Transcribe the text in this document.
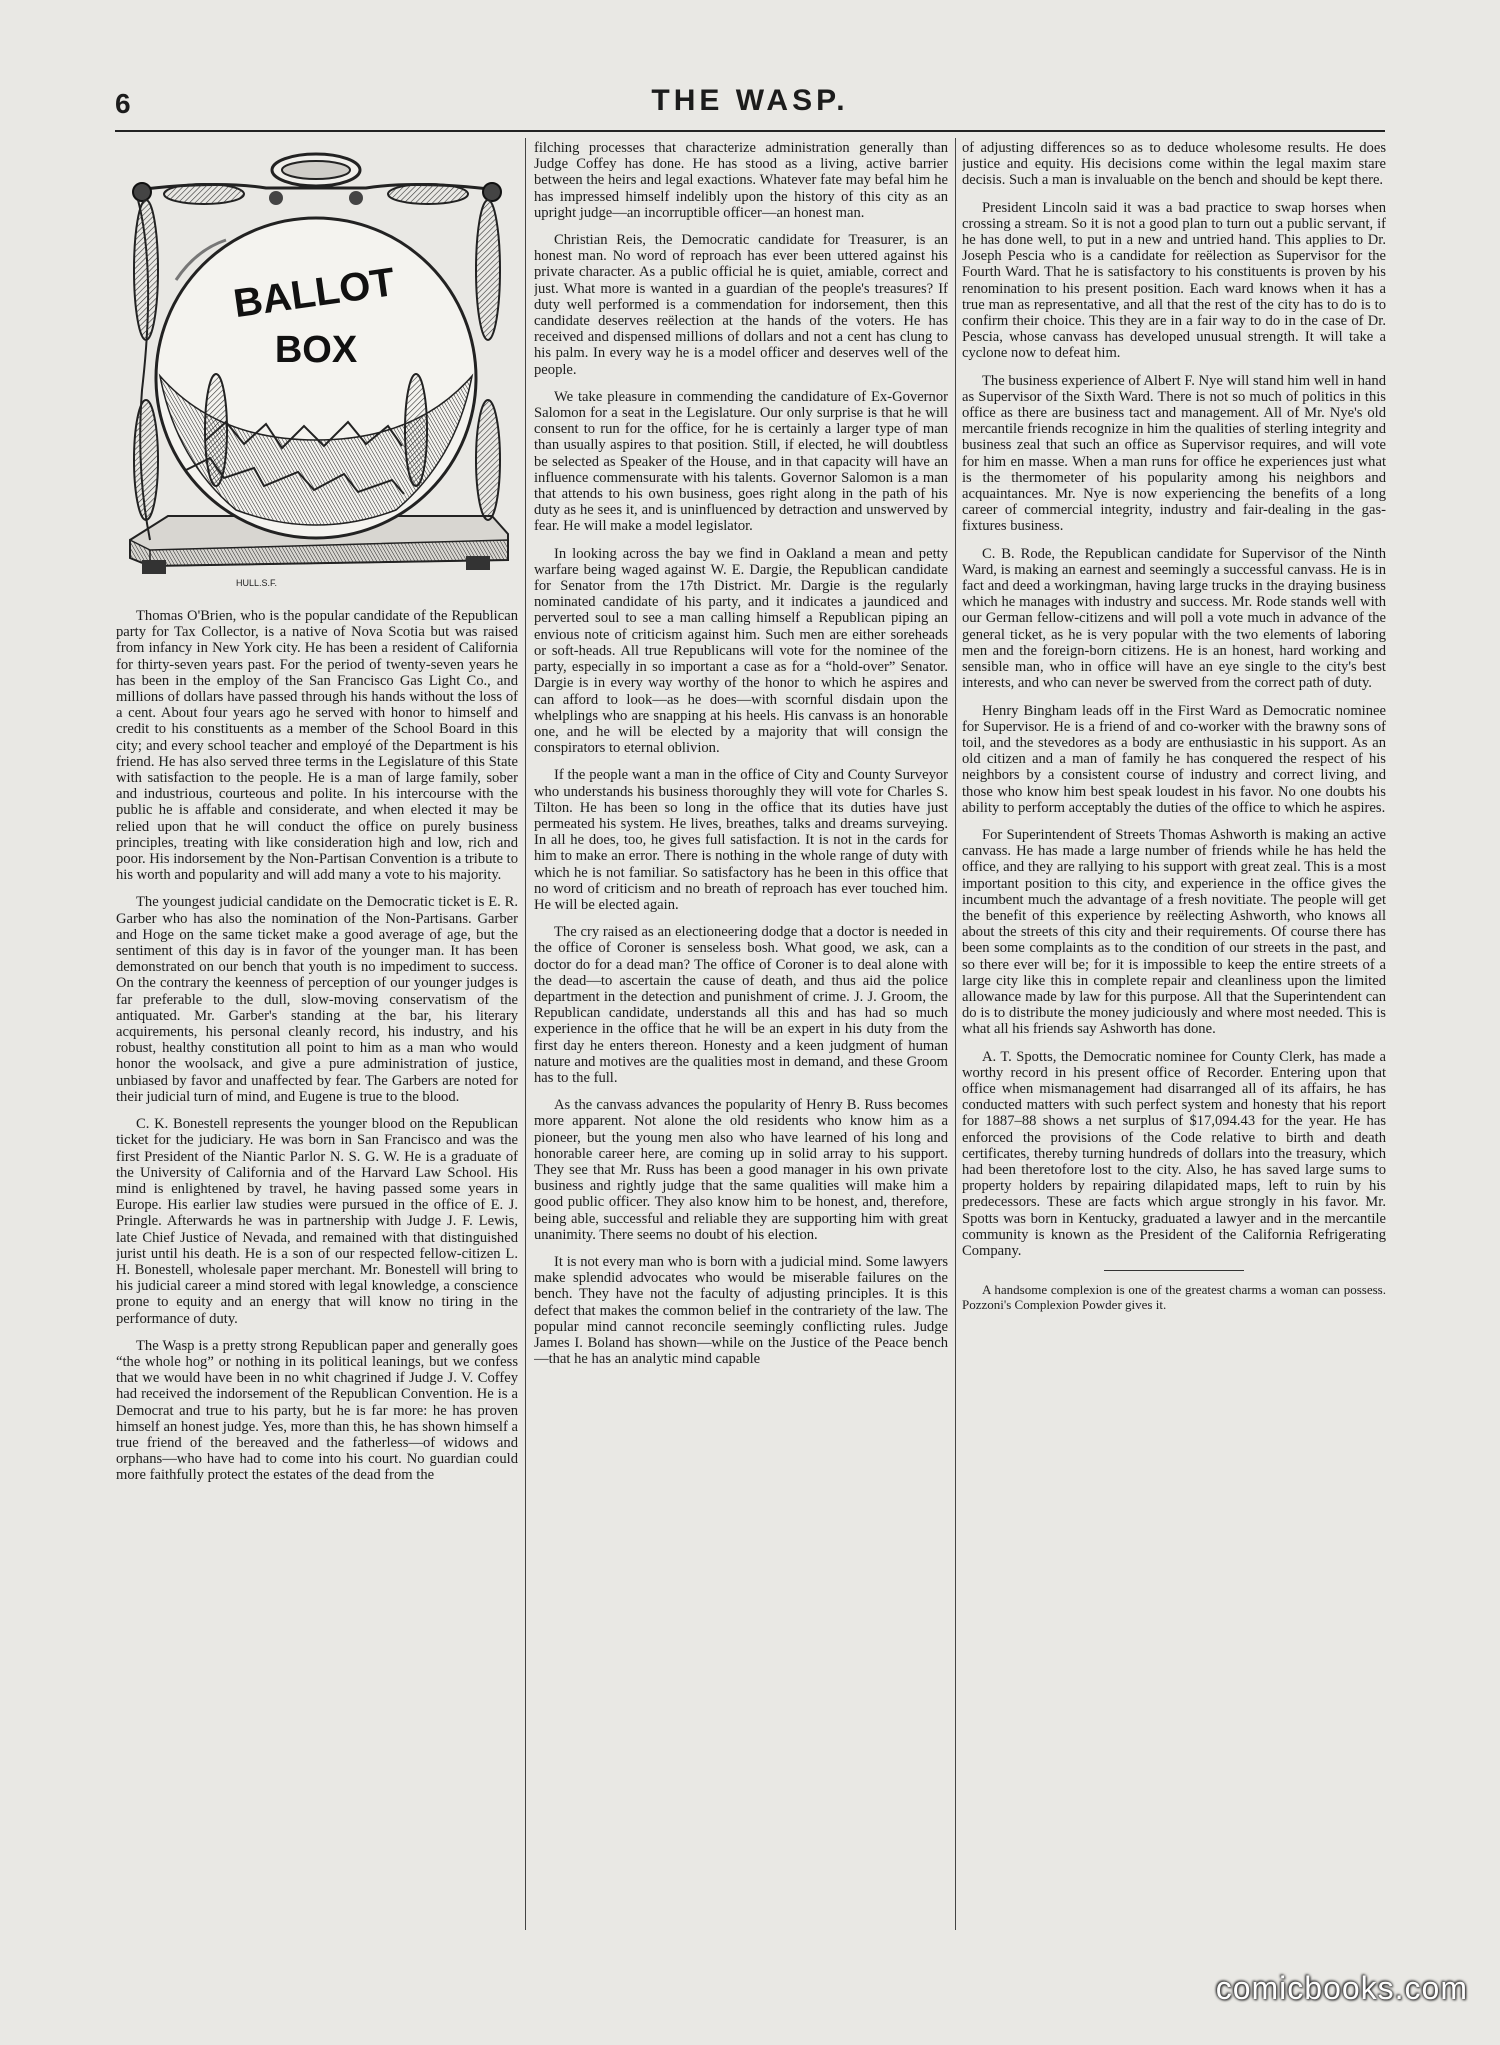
6	THE WASP.
BALLOT
BOX
HULL.S.F.

Thomas O'Brien, who is the popular candidate of the Republican party for Tax Collector, is a native of Nova Scotia but was raised from infancy in New York city. He has been a resident of California for thirty-seven years past. For the period of twenty-seven years he has been in the employ of the San Francisco Gas Light Co., and millions of dollars have passed through his hands without the loss of a cent. About four years ago he served with honor to himself and credit to his constituents as a member of the School Board in this city; and every school teacher and employé of the Department is his friend. He has also served three terms in the Legislature of this State with satisfaction to the people. He is a man of large family, sober and industrious, courteous and polite. In his intercourse with the public he is affable and considerate, and when elected it may be relied upon that he will conduct the office on purely business principles, treating with like consideration high and low, rich and poor. His indorsement by the Non-Partisan Convention is a tribute to his worth and popularity and will add many a vote to his majority.

The youngest judicial candidate on the Democratic ticket is E. R. Garber who has also the nomination of the Non-Partisans. Garber and Hoge on the same ticket make a good average of age, but the sentiment of this day is in favor of the younger man. It has been demonstrated on our bench that youth is no impediment to success. On the contrary the keenness of perception of our younger judges is far preferable to the dull, slow-moving conservatism of the antiquated. Mr. Garber's standing at the bar, his literary acquirements, his personal cleanly record, his industry, and his robust, healthy constitution all point to him as a man who would honor the woolsack, and give a pure administration of justice, unbiased by favor and unaffected by fear. The Garbers are noted for their judicial turn of mind, and Eugene is true to the blood.

C. K. Bonestell represents the younger blood on the Republican ticket for the judiciary. He was born in San Francisco and was the first President of the Niantic Parlor N. S. G. W. He is a graduate of the University of California and of the Harvard Law School. His mind is enlightened by travel, he having passed some years in Europe. His earlier law studies were pursued in the office of E. J. Pringle. Afterwards he was in partnership with Judge J. F. Lewis, late Chief Justice of Nevada, and remained with that distinguished jurist until his death. He is a son of our respected fellow-citizen L. H. Bonestell, wholesale paper merchant. Mr. Bonestell will bring to his judicial career a mind stored with legal knowledge, a conscience prone to equity and an energy that will know no tiring in the performance of duty.

The Wasp is a pretty strong Republican paper and generally goes “the whole hog” or nothing in its political leanings, but we confess that we would have been in no whit chagrined if Judge J. V. Coffey had received the indorsement of the Republican Convention. He is a Democrat and true to his party, but he is far more: he has proven himself an honest judge. Yes, more than this, he has shown himself a true friend of the bereaved and the fatherless—of widows and orphans—who have had to come into his court. No guardian could more faithfully protect the estates of the dead from the

filching processes that characterize administration generally than Judge Coffey has done. He has stood as a living, active barrier between the heirs and legal exactions. Whatever fate may befal him he has impressed himself indelibly upon the history of this city as an upright judge—an incorruptible officer—an honest man.

Christian Reis, the Democratic candidate for Treasurer, is an honest man. No word of reproach has ever been uttered against his private character. As a public official he is quiet, amiable, correct and just. What more is wanted in a guardian of the people's treasures? If duty well performed is a commendation for indorsement, then this candidate deserves reëlection at the hands of the voters. He has received and dispensed millions of dollars and not a cent has clung to his palm. In every way he is a model officer and deserves well of the people.

We take pleasure in commending the candidature of Ex-Governor Salomon for a seat in the Legislature. Our only surprise is that he will consent to run for the office, for he is certainly a larger type of man than usually aspires to that position. Still, if elected, he will doubtless be selected as Speaker of the House, and in that capacity will have an influence commensurate with his talents. Governor Salomon is a man that attends to his own business, goes right along in the path of his duty as he sees it, and is uninfluenced by detraction and unswerved by fear. He will make a model legislator.

In looking across the bay we find in Oakland a mean and petty warfare being waged against W. E. Dargie, the Republican candidate for Senator from the 17th District. Mr. Dargie is the regularly nominated candidate of his party, and it indicates a jaundiced and perverted soul to see a man calling himself a Republican piping an envious note of criticism against him. Such men are either soreheads or soft-heads. All true Republicans will vote for the nominee of the party, especially in so important a case as for a “hold-over” Senator. Dargie is in every way worthy of the honor to which he aspires and can afford to look—as he does—with scornful disdain upon the whelplings who are snapping at his heels. His canvass is an honorable one, and he will be elected by a majority that will consign the conspirators to eternal oblivion.

If the people want a man in the office of City and County Surveyor who understands his business thoroughly they will vote for Charles S. Tilton. He has been so long in the office that its duties have just permeated his system. He lives, breathes, talks and dreams surveying. In all he does, too, he gives full satisfaction. It is not in the cards for him to make an error. There is nothing in the whole range of duty with which he is not familiar. So satisfactory has he been in this office that no word of criticism and no breath of reproach has ever touched him. He will be elected again.

The cry raised as an electioneering dodge that a doctor is needed in the office of Coroner is senseless bosh. What good, we ask, can a doctor do for a dead man? The office of Coroner is to deal alone with the dead—to ascertain the cause of death, and thus aid the police department in the detection and punishment of crime. J. J. Groom, the Republican candidate, understands all this and has had so much experience in the office that he will be an expert in his duty from the first day he enters thereon. Honesty and a keen judgment of human nature and motives are the qualities most in demand, and these Groom has to the full.

As the canvass advances the popularity of Henry B. Russ becomes more apparent. Not alone the old residents who know him as a pioneer, but the young men also who have learned of his long and honorable career here, are coming up in solid array to his support. They see that Mr. Russ has been a good manager in his own private business and rightly judge that the same qualities will make him a good public officer. They also know him to be honest, and, therefore, being able, successful and reliable they are supporting him with great unanimity. There seems no doubt of his election.

It is not every man who is born with a judicial mind. Some lawyers make splendid advocates who would be miserable failures on the bench. They have not the faculty of adjusting principles. It is this defect that makes the common belief in the contrariety of the law. The popular mind cannot reconcile seemingly conflicting rules. Judge James I. Boland has shown—while on the Justice of the Peace bench—that he has an analytic mind capable

of adjusting differences so as to deduce wholesome results. He does justice and equity. His decisions come within the legal maxim stare decisis. Such a man is invaluable on the bench and should be kept there.

President Lincoln said it was a bad practice to swap horses when crossing a stream. So it is not a good plan to turn out a public servant, if he has done well, to put in a new and untried hand. This applies to Dr. Joseph Pescia who is a candidate for reëlection as Supervisor for the Fourth Ward. That he is satisfactory to his constituents is proven by his renomination to his present position. Each ward knows when it has a true man as representative, and all that the rest of the city has to do is to confirm their choice. This they are in a fair way to do in the case of Dr. Pescia, whose canvass has developed unusual strength. It will take a cyclone now to defeat him.

The business experience of Albert F. Nye will stand him well in hand as Supervisor of the Sixth Ward. There is not so much of politics in this office as there are business tact and management. All of Mr. Nye's old mercantile friends recognize in him the qualities of sterling integrity and business zeal that such an office as Supervisor requires, and will vote for him en masse. When a man runs for office he experiences just what is the thermometer of his popularity among his neighbors and acquaintances. Mr. Nye is now experiencing the benefits of a long career of commercial integrity, industry and fair-dealing in the gas-fixtures business.

C. B. Rode, the Republican candidate for Supervisor of the Ninth Ward, is making an earnest and seemingly a successful canvass. He is in fact and deed a workingman, having large trucks in the draying business which he manages with industry and success. Mr. Rode stands well with our German fellow-citizens and will poll a vote much in advance of the general ticket, as he is very popular with the two elements of laboring men and the foreign-born citizens. He is an honest, hard working and sensible man, who in office will have an eye single to the city's best interests, and who can never be swerved from the correct path of duty.

Henry Bingham leads off in the First Ward as Democratic nominee for Supervisor. He is a friend of and co-worker with the brawny sons of toil, and the stevedores as a body are enthusiastic in his support. As an old citizen and a man of family he has conquered the respect of his neighbors by a consistent course of industry and correct living, and those who know him best speak loudest in his favor. No one doubts his ability to perform acceptably the duties of the office to which he aspires.

For Superintendent of Streets Thomas Ashworth is making an active canvass. He has made a large number of friends while he has held the office, and they are rallying to his support with great zeal. This is a most important position to this city, and experience in the office gives the incumbent much the advantage of a fresh novitiate. The people will get the benefit of this experience by reëlecting Ashworth, who knows all about the streets of this city and their requirements. Of course there has been some complaints as to the condition of our streets in the past, and so there ever will be; for it is impossible to keep the entire streets of a large city like this in complete repair and cleanliness upon the limited allowance made by law for this purpose. All that the Superintendent can do is to distribute the money judiciously and where most needed. This is what all his friends say Ashworth has done.

A. T. Spotts, the Democratic nominee for County Clerk, has made a worthy record in his present office of Recorder. Entering upon that office when mismanagement had disarranged all of its affairs, he has conducted matters with such perfect system and honesty that his report for 1887–88 shows a net surplus of $17,094.43 for the year. He has enforced the provisions of the Code relative to birth and death certificates, thereby turning hundreds of dollars into the treasury, which had been theretofore lost to the city. Also, he has saved large sums to property holders by repairing dilapidated maps, left to ruin by his predecessors. These are facts which argue strongly in his favor. Mr. Spotts was born in Kentucky, graduated a lawyer and in the mercantile community is known as the President of the California Refrigerating Company.

A handsome complexion is one of the greatest charms a woman can possess. Pozzoni's Complexion Powder gives it.

comicbooks.com
